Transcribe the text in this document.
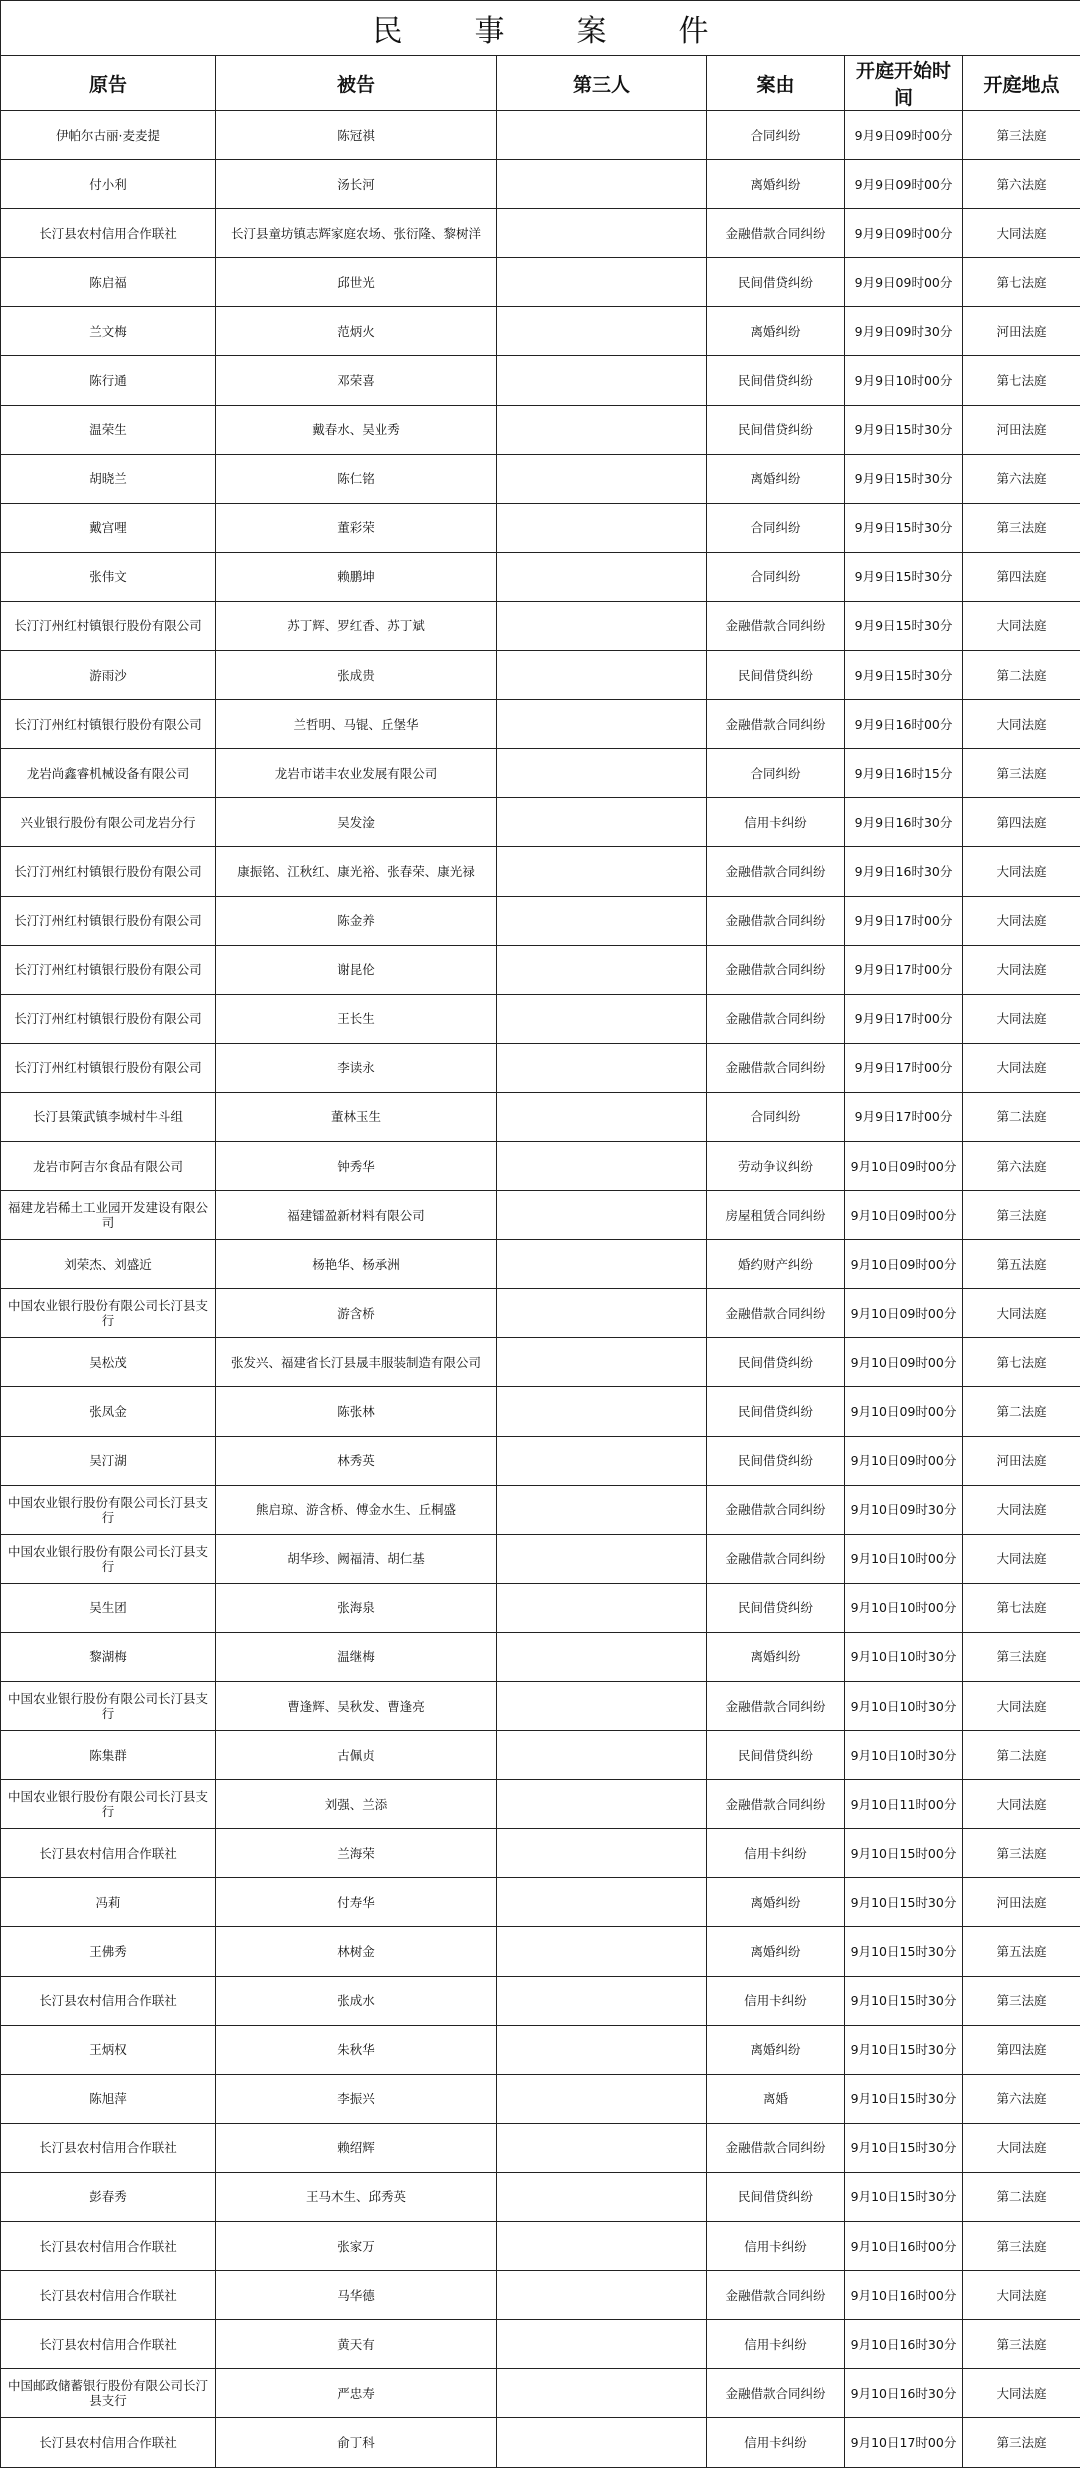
民事案件					
原告	被告	第三人	案由	开庭开始时间	开庭地点
伊帕尔古丽·麦麦提	陈冠祺		合同纠纷	9月9日09时00分	第三法庭
付小利	汤长河		离婚纠纷	9月9日09时00分	第六法庭
长汀县农村信用合作联社	长汀县童坊镇志辉家庭农场、张衍隆、黎树洋		金融借款合同纠纷	9月9日09时00分	大同法庭
陈启福	邱世光		民间借贷纠纷	9月9日09时00分	第七法庭
兰文梅	范炳火		离婚纠纷	9月9日09时30分	河田法庭
陈行通	邓荣喜		民间借贷纠纷	9月9日10时00分	第七法庭
温荣生	戴春水、吴业秀		民间借贷纠纷	9月9日15时30分	河田法庭
胡晓兰	陈仁铭		离婚纠纷	9月9日15时30分	第六法庭
戴宫哩	董彩荣		合同纠纷	9月9日15时30分	第三法庭
张伟文	赖鹏坤		合同纠纷	9月9日15时30分	第四法庭
长汀汀州红村镇银行股份有限公司	苏丁辉、罗红香、苏丁斌		金融借款合同纠纷	9月9日15时30分	大同法庭
游雨沙	张成贵		民间借贷纠纷	9月9日15时30分	第二法庭
长汀汀州红村镇银行股份有限公司	兰哲明、马锟、丘堡华		金融借款合同纠纷	9月9日16时00分	大同法庭
龙岩尚鑫睿机械设备有限公司	龙岩市诺丰农业发展有限公司		合同纠纷	9月9日16时15分	第三法庭
兴业银行股份有限公司龙岩分行	吴发淦		信用卡纠纷	9月9日16时30分	第四法庭
长汀汀州红村镇银行股份有限公司	康振铭、江秋红、康光裕、张春荣、康光禄		金融借款合同纠纷	9月9日16时30分	大同法庭
长汀汀州红村镇银行股份有限公司	陈金养		金融借款合同纠纷	9月9日17时00分	大同法庭
长汀汀州红村镇银行股份有限公司	谢昆伦		金融借款合同纠纷	9月9日17时00分	大同法庭
长汀汀州红村镇银行股份有限公司	王长生		金融借款合同纠纷	9月9日17时00分	大同法庭
长汀汀州红村镇银行股份有限公司	李读永		金融借款合同纠纷	9月9日17时00分	大同法庭
长汀县策武镇李城村牛斗组	董林玉生		合同纠纷	9月9日17时00分	第二法庭
龙岩市阿吉尔食品有限公司	钟秀华		劳动争议纠纷	9月10日09时00分	第六法庭
福建龙岩稀土工业园开发建设有限公司	福建镭盈新材料有限公司		房屋租赁合同纠纷	9月10日09时00分	第三法庭
刘荣杰、刘盛近	杨艳华、杨承洲		婚约财产纠纷	9月10日09时00分	第五法庭
中国农业银行股份有限公司长汀县支行	游含桥		金融借款合同纠纷	9月10日09时00分	大同法庭
吴松茂	张发兴、福建省长汀县晟丰服装制造有限公司		民间借贷纠纷	9月10日09时00分	第七法庭
张凤金	陈张林		民间借贷纠纷	9月10日09时00分	第二法庭
吴汀湖	林秀英		民间借贷纠纷	9月10日09时00分	河田法庭
中国农业银行股份有限公司长汀县支行	熊启琼、游含桥、傅金水生、丘桐盛		金融借款合同纠纷	9月10日09时30分	大同法庭
中国农业银行股份有限公司长汀县支行	胡华珍、阙福清、胡仁基		金融借款合同纠纷	9月10日10时00分	大同法庭
吴生团	张海泉		民间借贷纠纷	9月10日10时00分	第七法庭
黎湖梅	温继梅		离婚纠纷	9月10日10时30分	第三法庭
中国农业银行股份有限公司长汀县支行	曹逢辉、吴秋发、曹逢亮		金融借款合同纠纷	9月10日10时30分	大同法庭
陈集群	古佩贞		民间借贷纠纷	9月10日10时30分	第二法庭
中国农业银行股份有限公司长汀县支行	刘强、兰添		金融借款合同纠纷	9月10日11时00分	大同法庭
长汀县农村信用合作联社	兰海荣		信用卡纠纷	9月10日15时00分	第三法庭
冯莉	付寿华		离婚纠纷	9月10日15时30分	河田法庭
王佛秀	林树金		离婚纠纷	9月10日15时30分	第五法庭
长汀县农村信用合作联社	张成水		信用卡纠纷	9月10日15时30分	第三法庭
王炳权	朱秋华		离婚纠纷	9月10日15时30分	第四法庭
陈旭萍	李振兴		离婚	9月10日15时30分	第六法庭
长汀县农村信用合作联社	赖绍辉		金融借款合同纠纷	9月10日15时30分	大同法庭
彭春秀	王马木生、邱秀英		民间借贷纠纷	9月10日15时30分	第二法庭
长汀县农村信用合作联社	张家万		信用卡纠纷	9月10日16时00分	第三法庭
长汀县农村信用合作联社	马华德		金融借款合同纠纷	9月10日16时00分	大同法庭
长汀县农村信用合作联社	黄天有		信用卡纠纷	9月10日16时30分	第三法庭
中国邮政储蓄银行股份有限公司长汀县支行	严忠寿		金融借款合同纠纷	9月10日16时30分	大同法庭
长汀县农村信用合作联社	俞丁科		信用卡纠纷	9月10日17时00分	第三法庭
